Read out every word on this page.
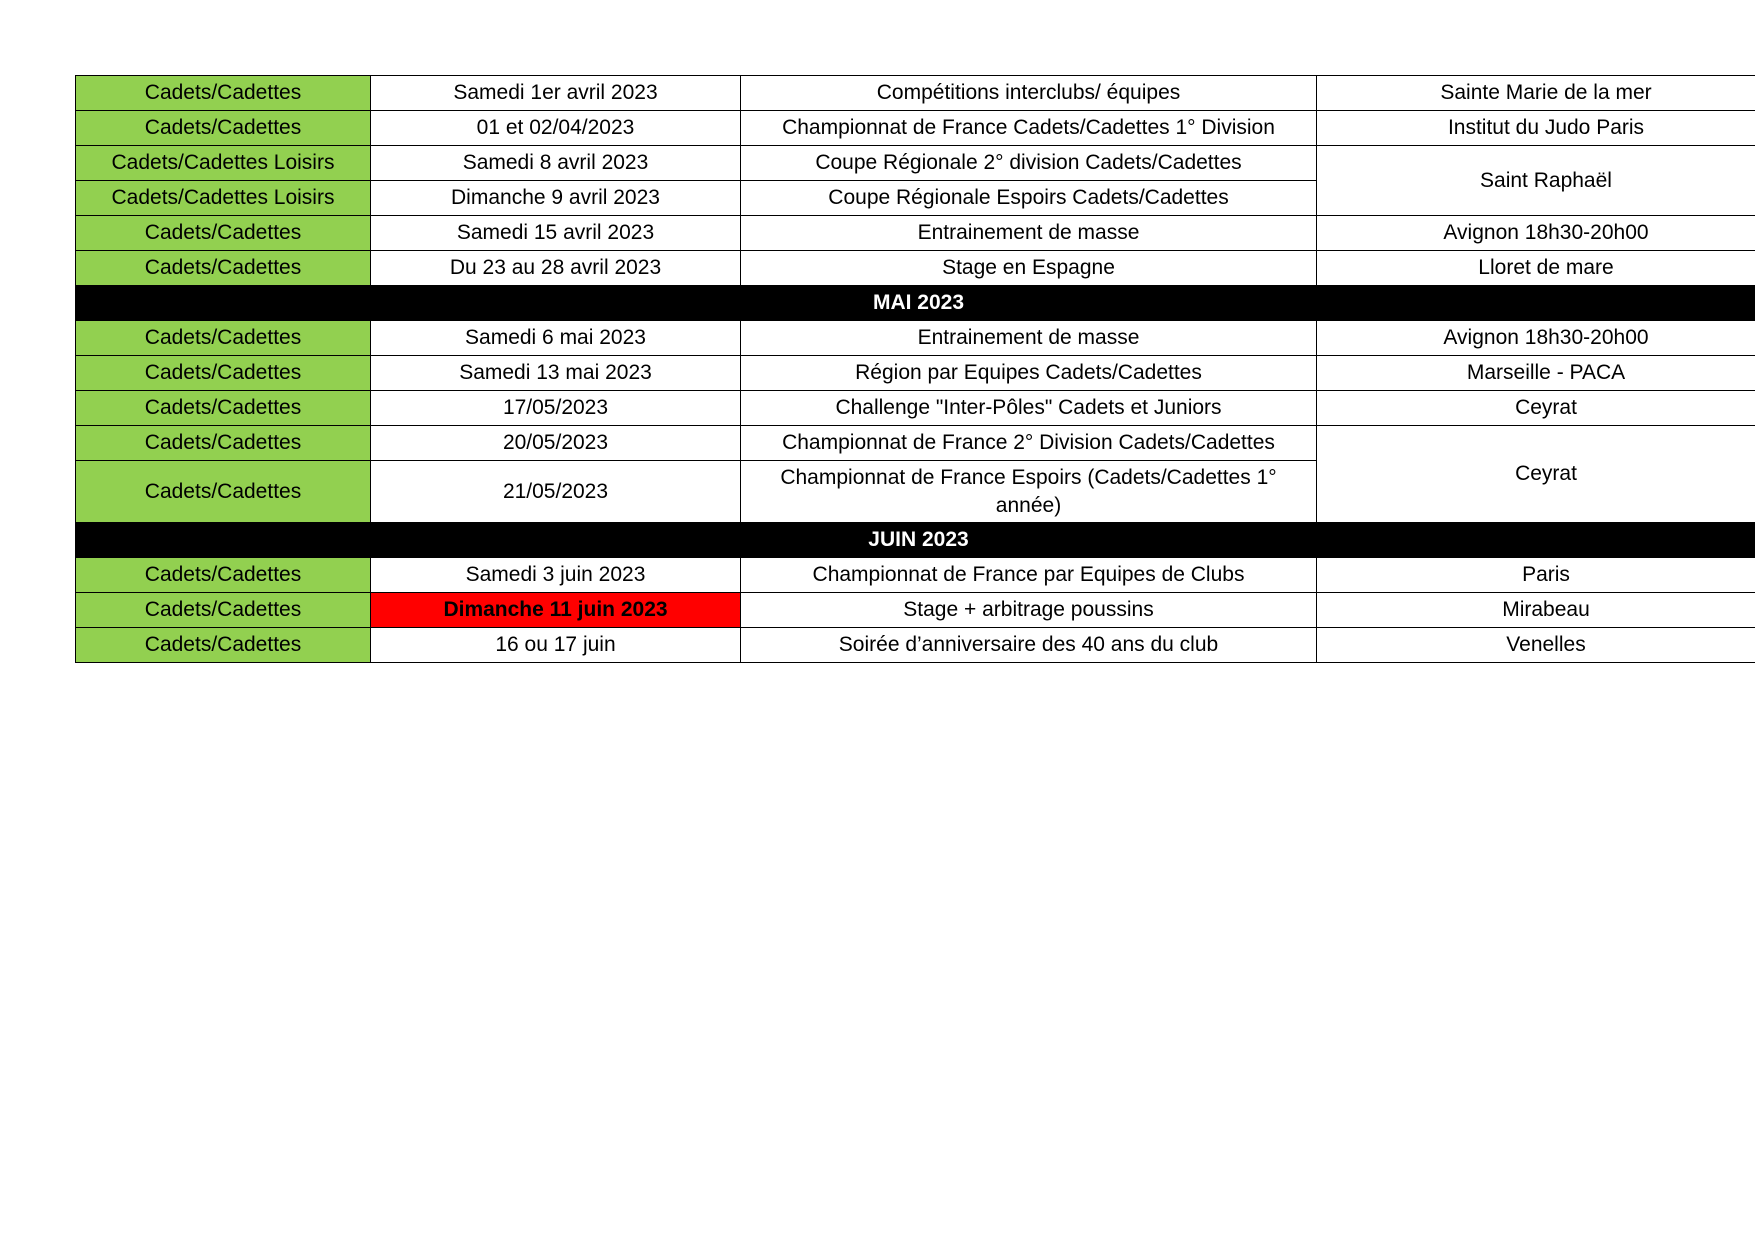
Cadets/Cadettes	Samedi 1er avril 2023	Compétitions interclubs/ équipes	Sainte Marie de la mer
Cadets/Cadettes	01 et 02/04/2023	Championnat de France Cadets/Cadettes 1° Division	Institut du Judo Paris
Cadets/Cadettes Loisirs	Samedi 8 avril 2023	Coupe Régionale 2° division Cadets/Cadettes	Saint Raphaël
Cadets/Cadettes Loisirs	Dimanche 9 avril 2023	Coupe Régionale Espoirs Cadets/Cadettes	
Cadets/Cadettes	Samedi 15 avril 2023	Entrainement de masse	Avignon 18h30-20h00
Cadets/Cadettes	Du 23 au 28 avril 2023	Stage en Espagne	Lloret de mare
MAI 2023			
Cadets/Cadettes	Samedi 6 mai 2023	Entrainement de masse	Avignon 18h30-20h00
Cadets/Cadettes	Samedi 13 mai 2023	Région par Equipes Cadets/Cadettes	Marseille - PACA
Cadets/Cadettes	17/05/2023	Challenge "Inter-Pôles" Cadets et Juniors	Ceyrat
Cadets/Cadettes	20/05/2023	Championnat de France 2° Division Cadets/Cadettes	Ceyrat
Cadets/Cadettes	21/05/2023	Championnat de France Espoirs (Cadets/Cadettes 1° année)	
JUIN 2023			
Cadets/Cadettes	Samedi 3 juin 2023	Championnat de France par Equipes de Clubs	Paris
Cadets/Cadettes	Dimanche 11 juin 2023	Stage + arbitrage poussins	Mirabeau
Cadets/Cadettes	16 ou 17 juin	Soirée d’anniversaire des 40 ans du club	Venelles
